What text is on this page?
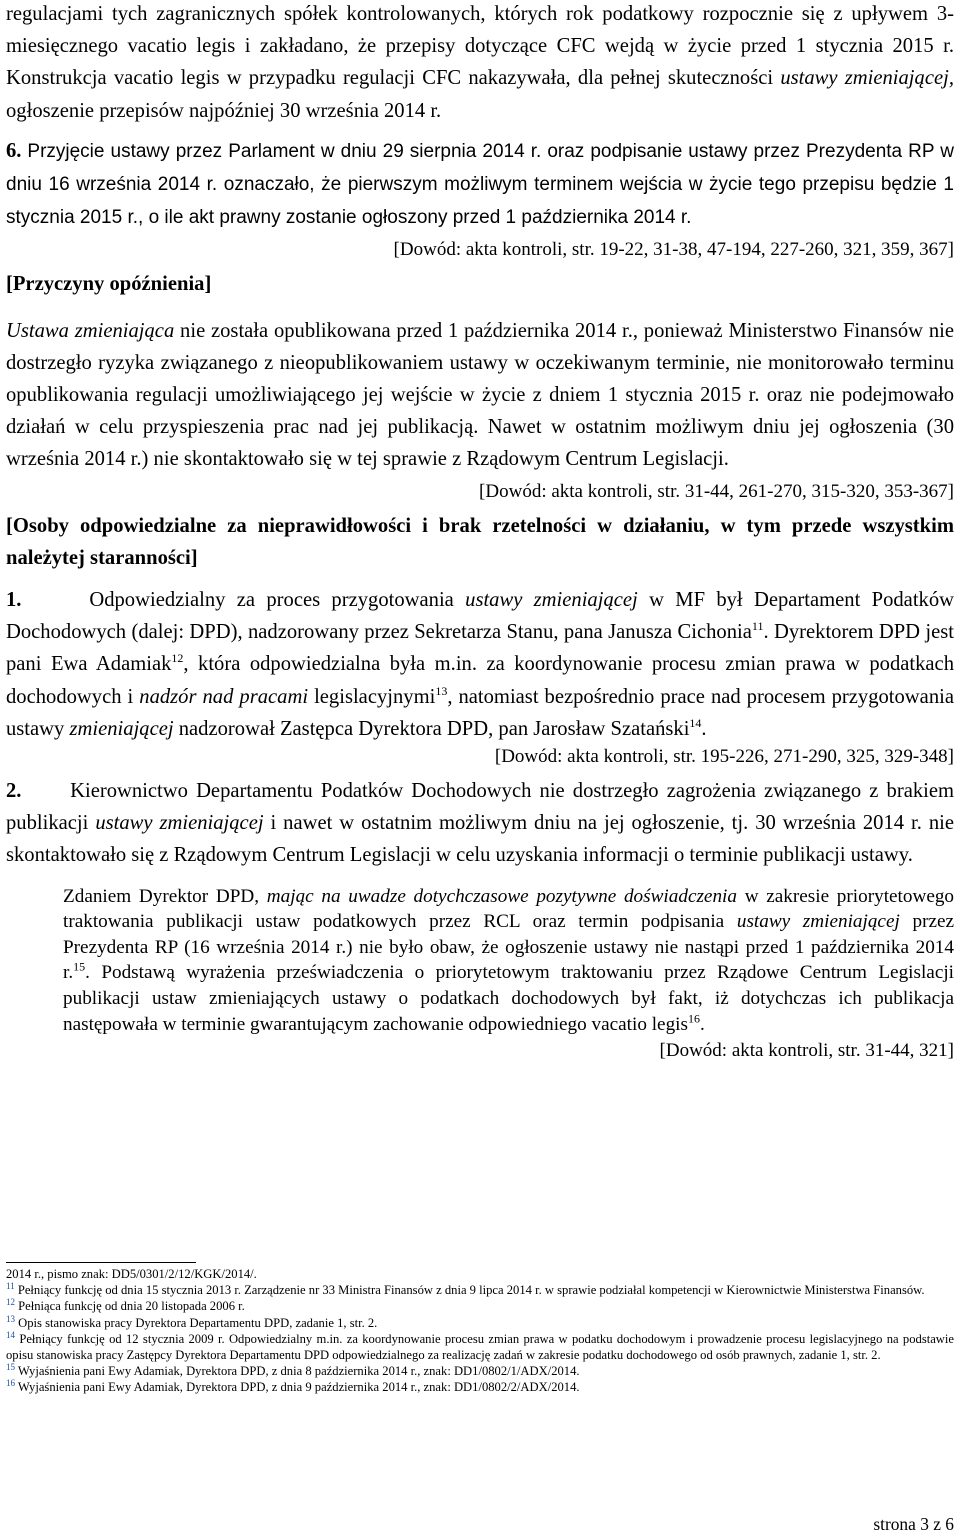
regulacjami tych zagranicznych spółek kontrolowanych, których rok podatkowy rozpocznie się z upływem 3-miesięcznego vacatio legis i zakładano, że przepisy dotyczące CFC wejdą w życie przed 1 stycznia 2015 r. Konstrukcja vacatio legis w przypadku regulacji CFC nakazywała, dla pełnej skuteczności ustawy zmieniającej, ogłoszenie przepisów najpóźniej 30 września 2014 r.

6. Przyjęcie ustawy przez Parlament w dniu 29 sierpnia 2014 r. oraz podpisanie ustawy przez Prezydenta RP w dniu 16 września 2014 r. oznaczało, że pierwszym możliwym terminem wejścia w życie tego przepisu będzie 1 stycznia 2015 r., o ile akt prawny zostanie ogłoszony przed 1 października 2014 r.

[Dowód: akta kontroli, str. 19-22, 31-38, 47-194, 227-260, 321, 359, 367]

[Przyczyny opóźnienia]

Ustawa zmieniająca nie została opublikowana przed 1 października 2014 r., ponieważ Ministerstwo Finansów nie dostrzegło ryzyka związanego z nieopublikowaniem ustawy w oczekiwanym terminie, nie monitorowało terminu opublikowania regulacji umożliwiającego jej wejście w życie z dniem 1 stycznia 2015 r. oraz nie podejmowało działań w celu przyspieszenia prac nad jej publikacją. Nawet w ostatnim możliwym dniu jej ogłoszenia (30 września 2014 r.) nie skontaktowało się w tej sprawie z Rządowym Centrum Legislacji.

[Dowód: akta kontroli, str. 31-44, 261-270, 315-320, 353-367]

[Osoby odpowiedzialne za nieprawidłowości i brak rzetelności w działaniu, w tym przede wszystkim należytej staranności]

1.	Odpowiedzialny za proces przygotowania ustawy zmieniającej w MF był Departament Podatków Dochodowych (dalej: DPD), nadzorowany przez Sekretarza Stanu, pana Janusza Cichonia$^{11}$. Dyrektorem DPD jest pani Ewa Adamiak$^{12}$, która odpowiedzialna była m.in. za koordynowanie procesu zmian prawa w podatkach dochodowych i nadzór nad pracami legislacyjnymi$^{13}$, natomiast bezpośrednio prace nad procesem przygotowania ustawy zmieniającej nadzorował Zastępca Dyrektora DPD, pan Jarosław Szatański$^{14}$.

[Dowód: akta kontroli, str. 195-226, 271-290, 325, 329-348]

2. Kierownictwo Departamentu Podatków Dochodowych nie dostrzegło zagrożenia związanego z brakiem publikacji ustawy zmieniającej i nawet w ostatnim możliwym dniu na jej ogłoszenie, tj. 30 września 2014 r. nie skontaktowało się z Rządowym Centrum Legislacji w celu uzyskania informacji o terminie publikacji ustawy.

Zdaniem Dyrektor DPD, mając na uwadze dotychczasowe pozytywne doświadczenia w zakresie priorytetowego traktowania publikacji ustaw podatkowych przez RCL oraz termin podpisania ustawy zmieniającej przez Prezydenta RP (16 września 2014 r.) nie było obaw, że ogłoszenie ustawy nie nastąpi przed 1 października 2014 r.$^{15}$. Podstawą wyrażenia przeświadczenia o priorytetowym traktowaniu przez Rządowe Centrum Legislacji publikacji ustaw zmieniających ustawy o podatkach dochodowych był fakt, iż dotychczas ich publikacja następowała w terminie gwarantującym zachowanie odpowiedniego vacatio legis$^{16}$.

[Dowód: akta kontroli, str. 31-44, 321]

2014 r., pismo znak: DD5/0301/2/12/KGK/2014/.

$^{11}$ Pełniący funkcję od dnia 15 stycznia 2013 r. Zarządzenie nr 33 Ministra Finansów z dnia 9 lipca 2014 r. w sprawie podziałal kompetencji w Kierownictwie Ministerstwa Finansów.

$^{12}$ Pełniąca funkcję od dnia 20 listopada 2006 r.

$^{13}$ Opis stanowiska pracy Dyrektora Departamentu DPD, zadanie 1, str. 2.

$^{14}$ Pełniący funkcję od 12 stycznia 2009 r. Odpowiedzialny m.in. za koordynowanie procesu zmian prawa w podatku dochodowym i prowadzenie procesu legislacyjnego na podstawie opisu stanowiska pracy Zastępcy Dyrektora Departamentu DPD odpowiedzialnego za realizację zadań w zakresie podatku dochodowego od osób prawnych, zadanie 1, str. 2.

$^{15}$ Wyjaśnienia pani Ewy Adamiak, Dyrektora DPD, z dnia 8 października 2014 r., znak: DD1/0802/1/ADX/2014.

$^{16}$ Wyjaśnienia pani Ewy Adamiak, Dyrektora DPD, z dnia 9 października 2014 r., znak: DD1/0802/2/ADX/2014.

strona 3 z 6
